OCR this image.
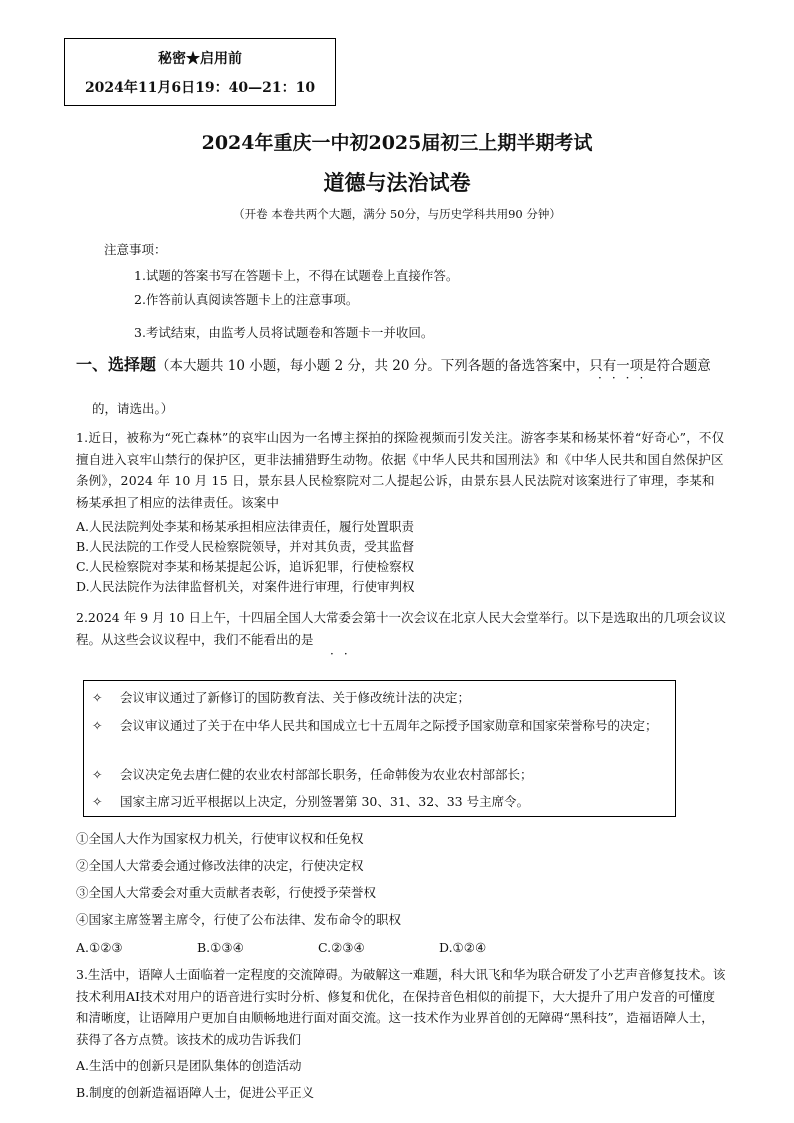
秘密★启用前
2024年11月6日19：40—21：10
2024年重庆一中初2025届初三上期半期考试
道德与法治试卷
（开卷 本卷共两个大题，满分 50分，与历史学科共用90 分钟）
注意事项：
1.试题的答案书写在答题卡上，不得在试题卷上直接作答。
2.作答前认真阅读答题卡上的注意事项。
3.考试结束，由监考人员将试题卷和答题卡一并收回。
一、选择题（本大题共 10 小题，每小题 2 分，共 20 分。下列各题的备选答案中，只有一项是符合题意
····
的，请选出。）
1.近日，被称为“死亡森林”的哀牢山因为一名博主探拍的探险视频而引发关注。游客李某和杨某怀着“好奇心”，不仅擅自进入哀牢山禁行的保护区，更非法捕猎野生动物。依据《中华人民共和国刑法》和《中华人民共和国自然保护区条例》，2024 年 10 月 15 日，景东县人民检察院对二人提起公诉，由景东县人民法院对该案进行了审理，李某和杨某承担了相应的法律责任。该案中
A.人民法院判处李某和杨某承担相应法律责任，履行处置职责
B.人民法院的工作受人民检察院领导，并对其负责，受其监督
C.人民检察院对李某和杨某提起公诉，追诉犯罪，行使检察权
D.人民法院作为法律监督机关，对案件进行审理，行使审判权
2.2024 年 9 月 10 日上午，十四届全国人大常委会第十一次会议在北京人民大会堂举行。以下是选取出的几项会议议程。从这些会议议程中，我们不能看出的是
··
✧	会议审议通过了新修订的国防教育法、关于修改统计法的决定；
✧	会议审议通过了关于在中华人民共和国成立七十五周年之际授予国家勋章和国家荣誉称号的决定；
✧	会议决定免去唐仁健的农业农村部部长职务，任命韩俊为农业农村部部长；
✧	国家主席习近平根据以上决定，分别签署第 30、31、32、33 号主席令。
①全国人大作为国家权力机关，行使审议权和任免权
②全国人大常委会通过修改法律的决定，行使决定权
③全国人大常委会对重大贡献者表彰，行使授予荣誉权
④国家主席签署主席令，行使了公布法律、发布命令的职权
A.①②③	B.①③④	C.②③④	D.①②④
3.生活中，语障人士面临着一定程度的交流障碍。为破解这一难题，科大讯飞和华为联合研发了小艺声音修复技术。该技术利用AI技术对用户的语音进行实时分析、修复和优化，在保持音色相似的前提下，大大提升了用户发音的可懂度和清晰度，让语障用户更加自由顺畅地进行面对面交流。这一技术作为业界首创的无障碍“黑科技”，造福语障人士，获得了各方点赞。该技术的成功告诉我们
A.生活中的创新只是团队集体的创造活动
B.制度的创新造福语障人士，促进公平正义
